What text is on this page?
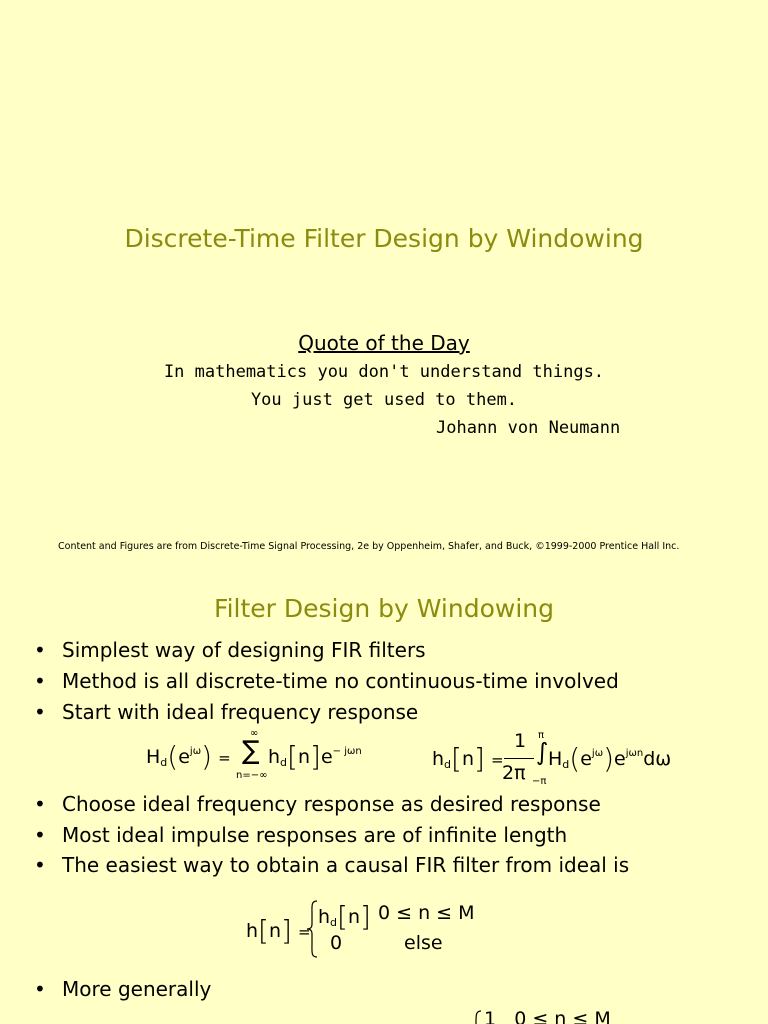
Discrete-Time Filter Design by Windowing
Quote of the Day
In mathematics you don't understand things.
You just get used to them.
Johann von Neumann
Content and Figures are from Discrete-Time Signal Processing, 2e by Oppenheim, Shafer, and Buck, ©1999-2000 Prentice Hall Inc.
Filter Design by Windowing
• Simplest way of designing FIR filters
• Method is all discrete-time no continuous-time involved
• Start with ideal frequency response
$H_d(e^{j\omega})$ =
∞
∑
n=−∞
$h_d[n]e^{- j\omega n}$	$h_d[n]$ =
1
2π
π
∫
−π
$H_d(e^{j\omega})e^{j\omega n}d\omega$
• Choose ideal frequency response as desired response
• Most ideal impulse responses are of infinite length
• The easiest way to obtain a causal FIR filter from ideal is
h[n] =
$h_d[n] 0 \le n \le M$
0	else
• More generally
1   0 ≤ n ≤ M
